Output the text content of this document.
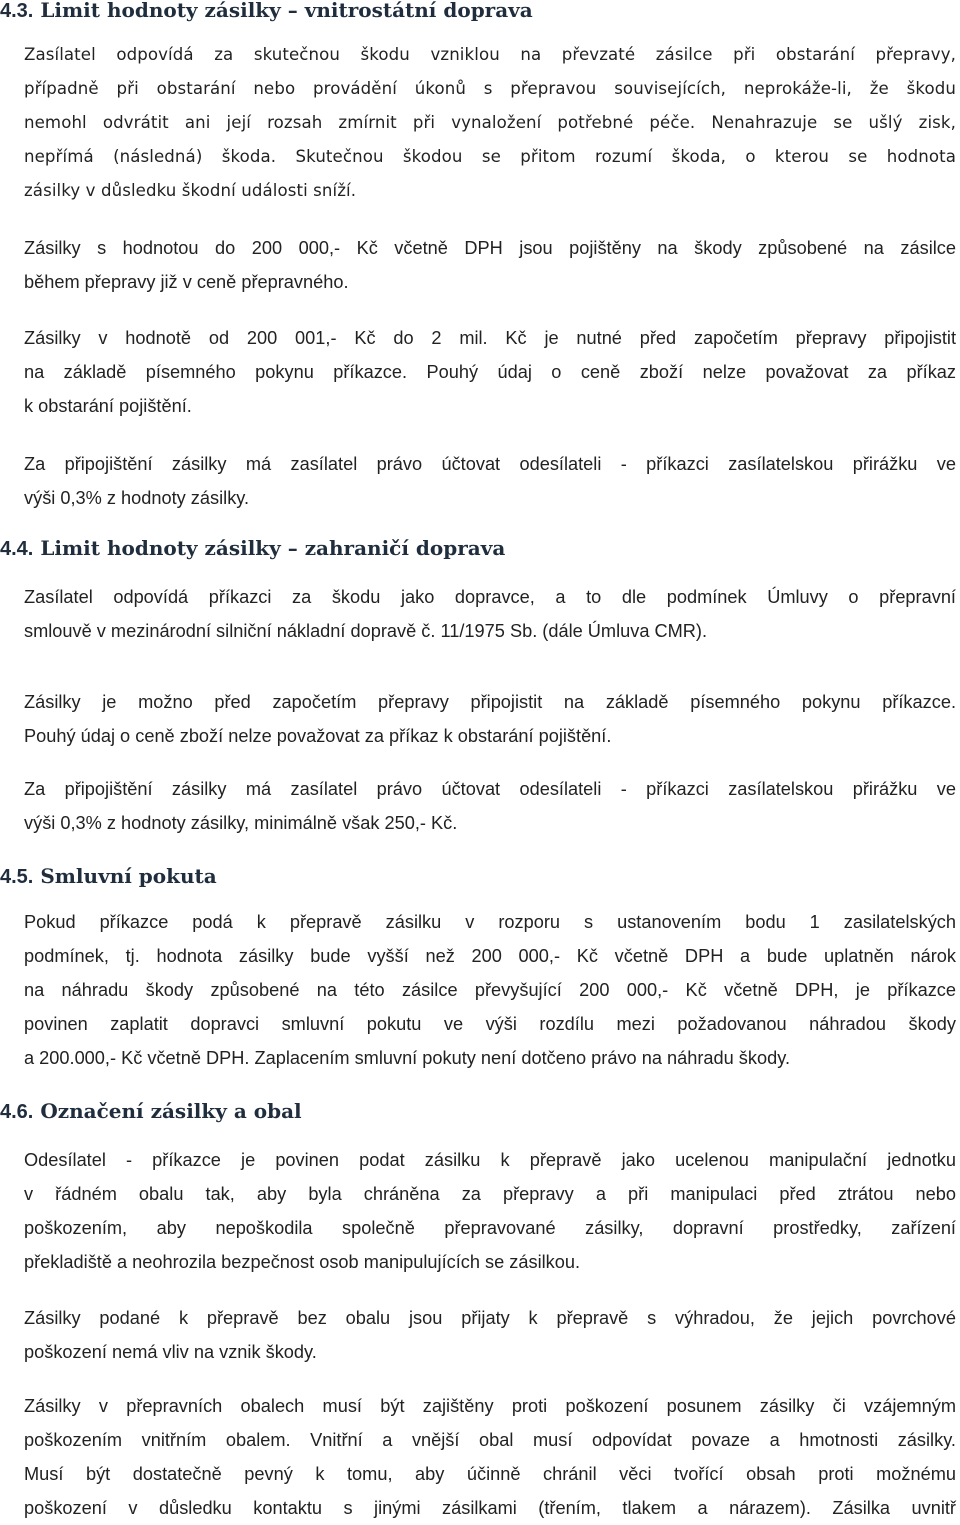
4.3. Limit hodnoty zásilky – vnitrostátní doprava
Zasílatel odpovídá za skutečnou škodu vzniklou na převzaté zásilce při obstarání přepravy,
případně při obstarání nebo provádění úkonů s přepravou souvisejících, neprokáže-li, že škodu
nemohl odvrátit ani její rozsah zmírnit při vynaložení potřebné péče. Nenahrazuje se ušlý zisk,
nepřímá (následná) škoda. Skutečnou škodou se přitom rozumí škoda, o kterou se hodnota
zásilky v důsledku škodní události sníží.
Zásilky s hodnotou do 200 000,- Kč včetně DPH jsou pojištěny na škody způsobené na zásilce
během přepravy již v ceně přepravného.
Zásilky v hodnotě od 200 001,- Kč do 2 mil. Kč je nutné před započetím přepravy připojistit
na základě písemného pokynu příkazce. Pouhý údaj o ceně zboží nelze považovat za příkaz
k obstarání pojištění.
Za připojištění zásilky má zasílatel právo účtovat odesílateli - příkazci zasílatelskou přirážku ve
výši 0,3% z hodnoty zásilky.
4.4. Limit hodnoty zásilky – zahraničí doprava
Zasílatel odpovídá příkazci za škodu jako dopravce, a to dle podmínek Úmluvy o přepravní
smlouvě v mezinárodní silniční nákladní dopravě č. 11/1975 Sb. (dále Úmluva CMR).
Zásilky je možno před započetím přepravy připojistit na základě písemného pokynu příkazce.
Pouhý údaj o ceně zboží nelze považovat za příkaz k obstarání pojištění.
Za připojištění zásilky má zasílatel právo účtovat odesílateli - příkazci zasílatelskou přirážku ve
výši 0,3% z hodnoty zásilky, minimálně však 250,- Kč.
4.5. Smluvní pokuta
Pokud příkazce podá k přepravě zásilku v rozporu s ustanovením bodu 1 zasilatelských
podmínek, tj. hodnota zásilky bude vyšší než 200 000,- Kč včetně DPH a bude uplatněn nárok
na náhradu škody způsobené na této zásilce převyšující 200 000,- Kč včetně DPH, je příkazce
povinen zaplatit dopravci smluvní pokutu ve výši rozdílu mezi požadovanou náhradou škody
a 200.000,- Kč včetně DPH. Zaplacením smluvní pokuty není dotčeno právo na náhradu škody.
4.6. Označení zásilky a obal
Odesílatel - příkazce je povinen podat zásilku k přepravě jako ucelenou manipulační jednotku
v řádném obalu tak, aby byla chráněna za přepravy a při manipulaci před ztrátou nebo
poškozením, aby nepoškodila společně přepravované zásilky, dopravní prostředky, zařízení
překladiště a neohrozila bezpečnost osob manipulujících se zásilkou.
Zásilky podané k přepravě bez obalu jsou přijaty k přepravě s výhradou, že jejich povrchové
poškození nemá vliv na vznik škody.
Zásilky v přepravních obalech musí být zajištěny proti poškození posunem zásilky či vzájemným
poškozením vnitřním obalem. Vnitřní a vnější obal musí odpovídat povaze a hmotnosti zásilky.
Musí být dostatečně pevný k tomu, aby účinně chránil věci tvořící obsah proti možnému
poškození v důsledku kontaktu s jinými zásilkami (třením, tlakem a nárazem). Zásilka uvnitř
